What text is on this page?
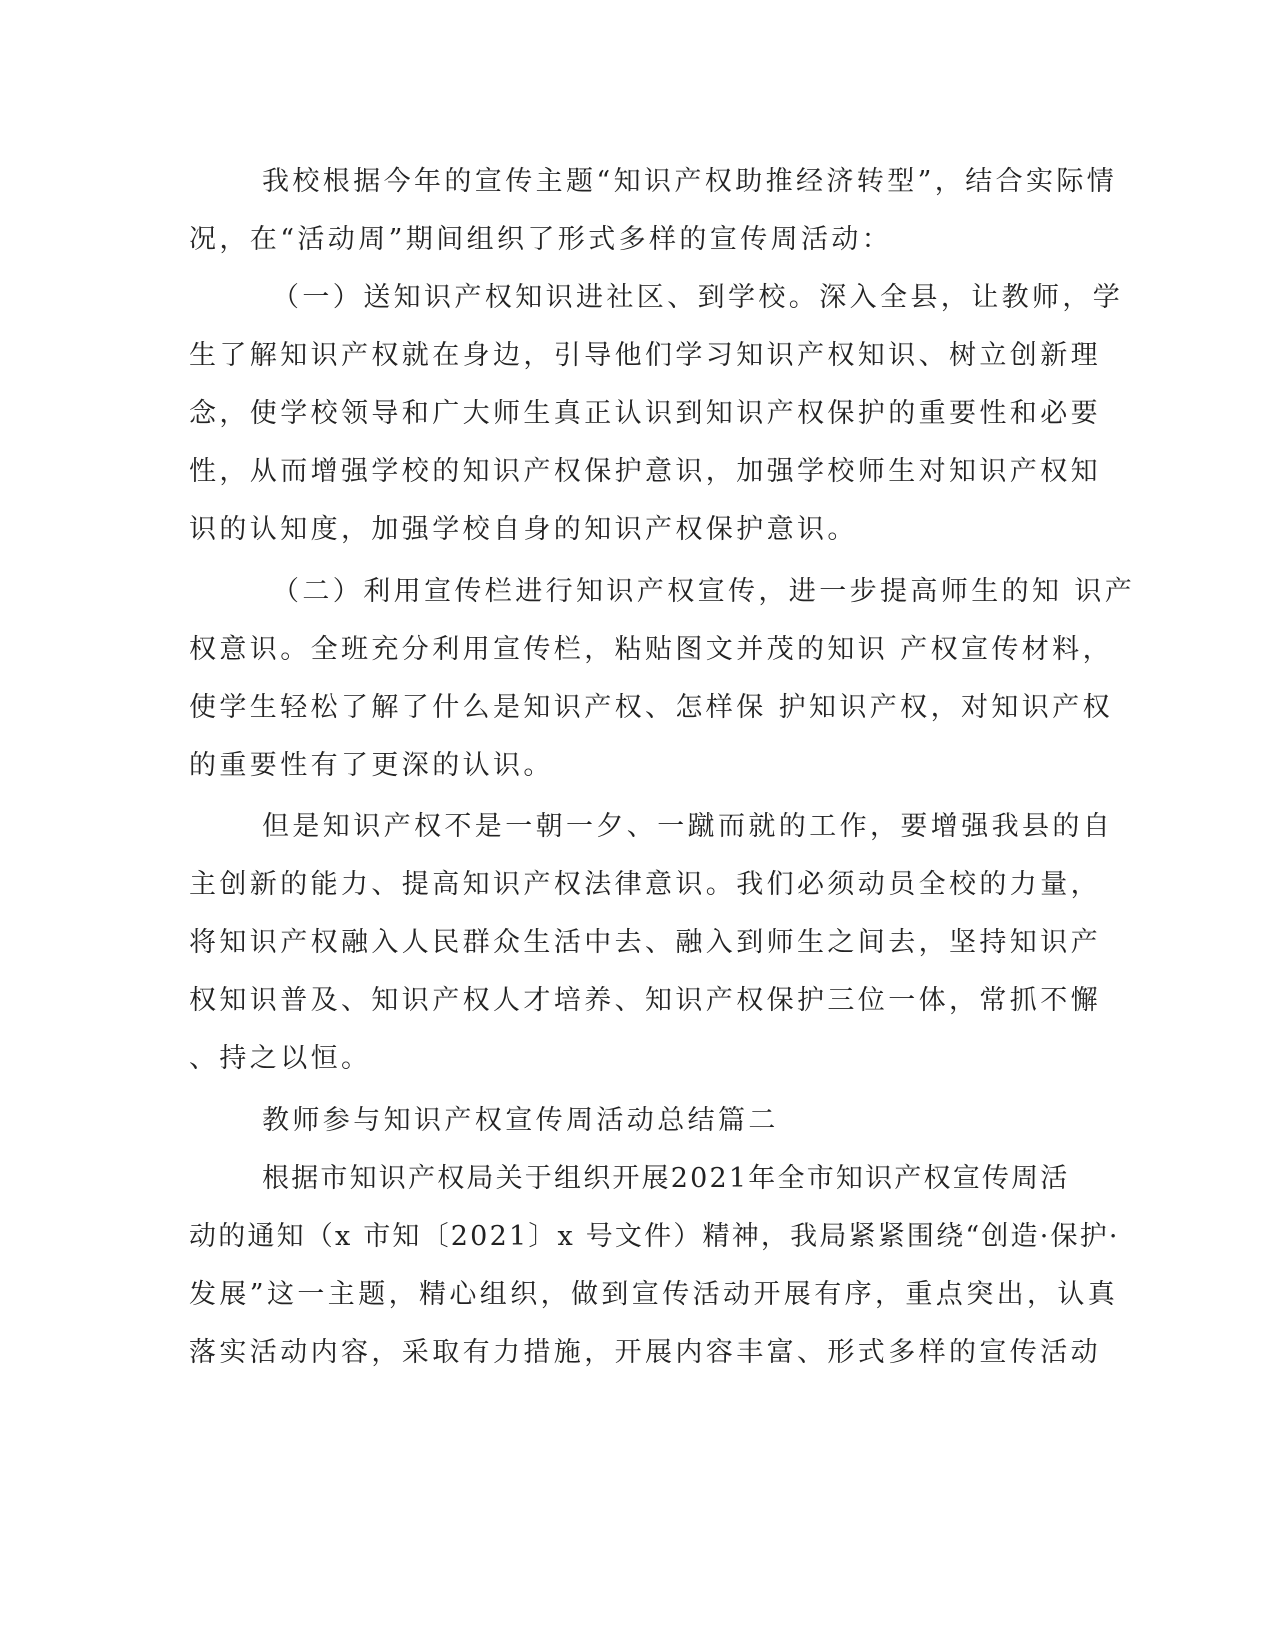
我校根据今年的宣传主题“知识产权助推经济转型”，结合实际情

况，在“活动周”期间组织了形式多样的宣传周活动：

（一）送知识产权知识进社区、到学校。深入全县，让教师，学

生了解知识产权就在身边，引导他们学习知识产权知识、树立创新理

念，使学校领导和广大师生真正认识到知识产权保护的重要性和必要

性，从而增强学校的知识产权保护意识，加强学校师生对知识产权知

识的认知度，加强学校自身的知识产权保护意识。

（二）利用宣传栏进行知识产权宣传，进一步提高师生的知 识产

权意识。全班充分利用宣传栏，粘贴图文并茂的知识 产权宣传材料，

使学生轻松了解了什么是知识产权、怎样保 护知识产权，对知识产权

的重要性有了更深的认识。

但是知识产权不是一朝一夕、一蹴而就的工作，要增强我县的自

主创新的能力、提高知识产权法律意识。我们必须动员全校的力量，

将知识产权融入人民群众生活中去、融入到师生之间去，坚持知识产

权知识普及、知识产权人才培养、知识产权保护三位一体，常抓不懈

、持之以恒。

教师参与知识产权宣传周活动总结篇二

根据市知识产权局关于组织开展2021年全市知识产权宣传周活

动的通知（x 市知〔2021〕x 号文件）精神，我局紧紧围绕“创造·保护·

发展”这一主题，精心组织，做到宣传活动开展有序，重点突出，认真

落实活动内容，采取有力措施，开展内容丰富、形式多样的宣传活动
